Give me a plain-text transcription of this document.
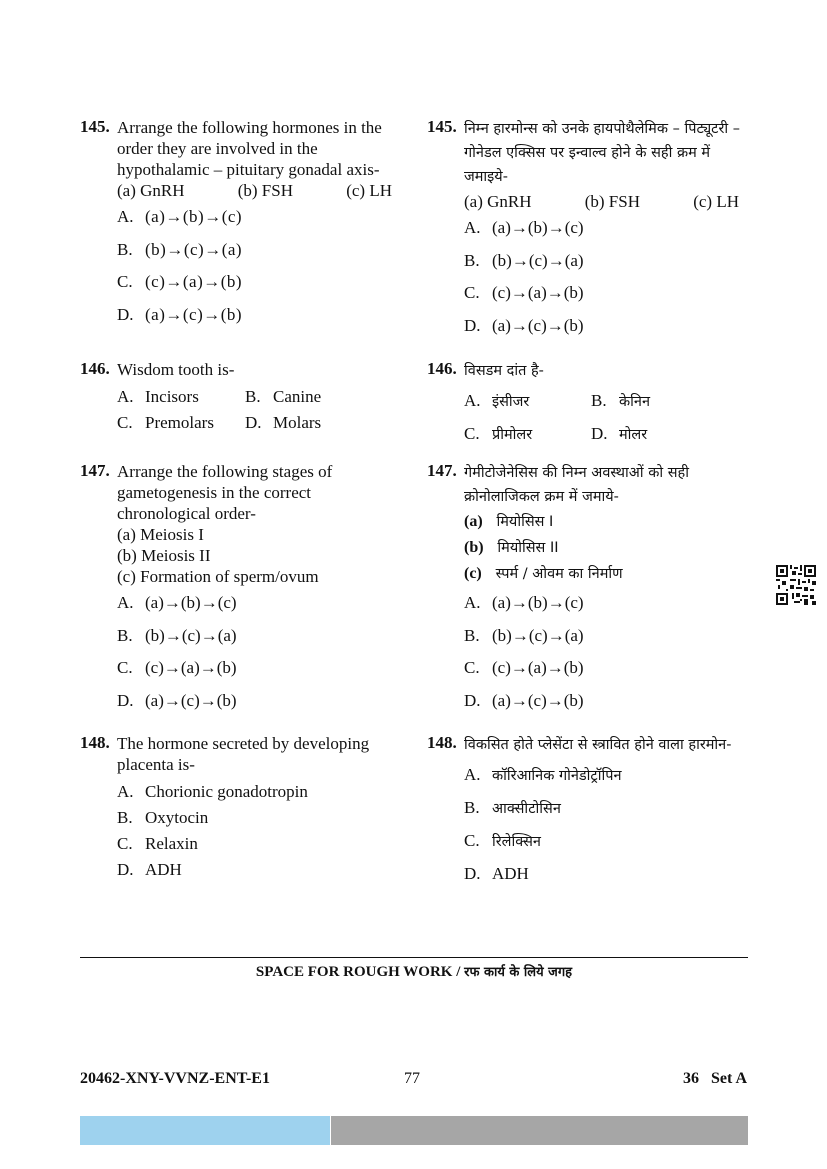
145. Arrange the following hormones in the order they are involved in the hypothalamic – pituitary gonadal axis-
(a) GnRH	(b) FSH	(c) LH
A. (a)→(b)→(c)
B. (b)→(c)→(a)
C. (c)→(a)→(b)
D. (a)→(c)→(b)
146. Wisdom tooth is-
A. Incisors	B. Canine
C. Premolars	D. Molars
147. Arrange the following stages of gametogenesis in the correct chronological order-
(a) Meiosis I
(b) Meiosis II
(c) Formation of sperm/ovum
A. (a)→(b)→(c)
B. (b)→(c)→(a)
C. (c)→(a)→(b)
D. (a)→(c)→(b)
148. The hormone secreted by developing placenta is-
A. Chorionic gonadotropin
B. Oxytocin
C. Relaxin
D. ADH
145. निम्न हारमोन्स को उनके हायपोथैलेमिक – पिट्यूटरी – गोनेडल एक्सिस पर इन्वाल्व होने के सही क्रम में जमाइये-
(a) GnRH	(b) FSH	(c) LH
A. (a)→(b)→(c)
B. (b)→(c)→(a)
C. (c)→(a)→(b)
D. (a)→(c)→(b)
146. विसडम दांत है-
A. इंसीजर	B. केनिन
C. प्रीमोलर	D. मोलर
147. गेमीटोजेनेसिस की निम्न अवस्थाओं को सही क्रोनोलाजिकल क्रम में जमाये-
(a) मियोसिस I
(b) मियोसिस II
(c) स्पर्म / ओवम का निर्माण
A. (a)→(b)→(c)
B. (b)→(c)→(a)
C. (c)→(a)→(b)
D. (a)→(c)→(b)
148. विकसित होते प्लेसेंटा से स्त्रावित होने वाला हारमोन-
A. कॉरिआनिक गोनेडोट्रॉपिन
B. आक्सीटोसिन
C. रिलेक्सिन
D. ADH
SPACE FOR ROUGH WORK / रफ कार्य के लिये जगह
20462-XNY-VVNZ-ENT-E1	77	36   Set A
